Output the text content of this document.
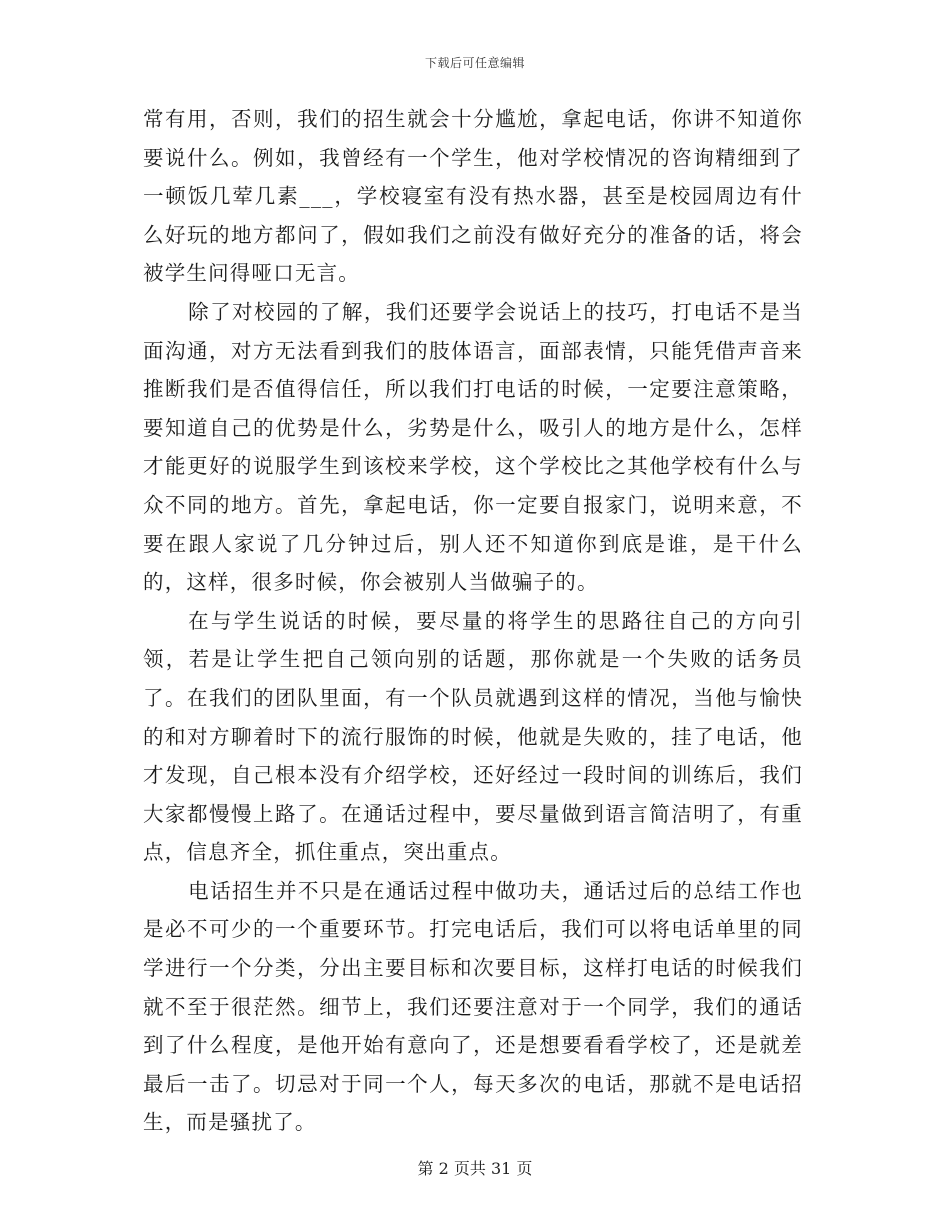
下载后可任意编辑

常有用，否则，我们的招生就会十分尴尬，拿起电话，你讲不知道你要说什么。例如，我曾经有一个学生，他对学校情况的咨询精细到了一顿饭几荤几素___，学校寝室有没有热水器，甚至是校园周边有什么好玩的地方都问了，假如我们之前没有做好充分的准备的话，将会被学生问得哑口无言。

除了对校园的了解，我们还要学会说话上的技巧，打电话不是当面沟通，对方无法看到我们的肢体语言，面部表情，只能凭借声音来推断我们是否值得信任，所以我们打电话的时候，一定要注意策略，要知道自己的优势是什么，劣势是什么，吸引人的地方是什么，怎样才能更好的说服学生到该校来学校，这个学校比之其他学校有什么与众不同的地方。首先，拿起电话，你一定要自报家门，说明来意，不要在跟人家说了几分钟过后，别人还不知道你到底是谁，是干什么的，这样，很多时候，你会被别人当做骗子的。

在与学生说话的时候，要尽量的将学生的思路往自己的方向引领，若是让学生把自己领向别的话题，那你就是一个失败的话务员了。在我们的团队里面，有一个队员就遇到这样的情况，当他与愉快的和对方聊着时下的流行服饰的时候，他就是失败的，挂了电话，他才发现，自己根本没有介绍学校，还好经过一段时间的训练后，我们大家都慢慢上路了。在通话过程中，要尽量做到语言简洁明了，有重点，信息齐全，抓住重点，突出重点。

电话招生并不只是在通话过程中做功夫，通话过后的总结工作也是必不可少的一个重要环节。打完电话后，我们可以将电话单里的同学进行一个分类，分出主要目标和次要目标，这样打电话的时候我们就不至于很茫然。细节上，我们还要注意对于一个同学，我们的通话到了什么程度，是他开始有意向了，还是想要看看学校了，还是就差最后一击了。切忌对于同一个人，每天多次的电话，那就不是电话招生，而是骚扰了。

第 2 页共 31 页
